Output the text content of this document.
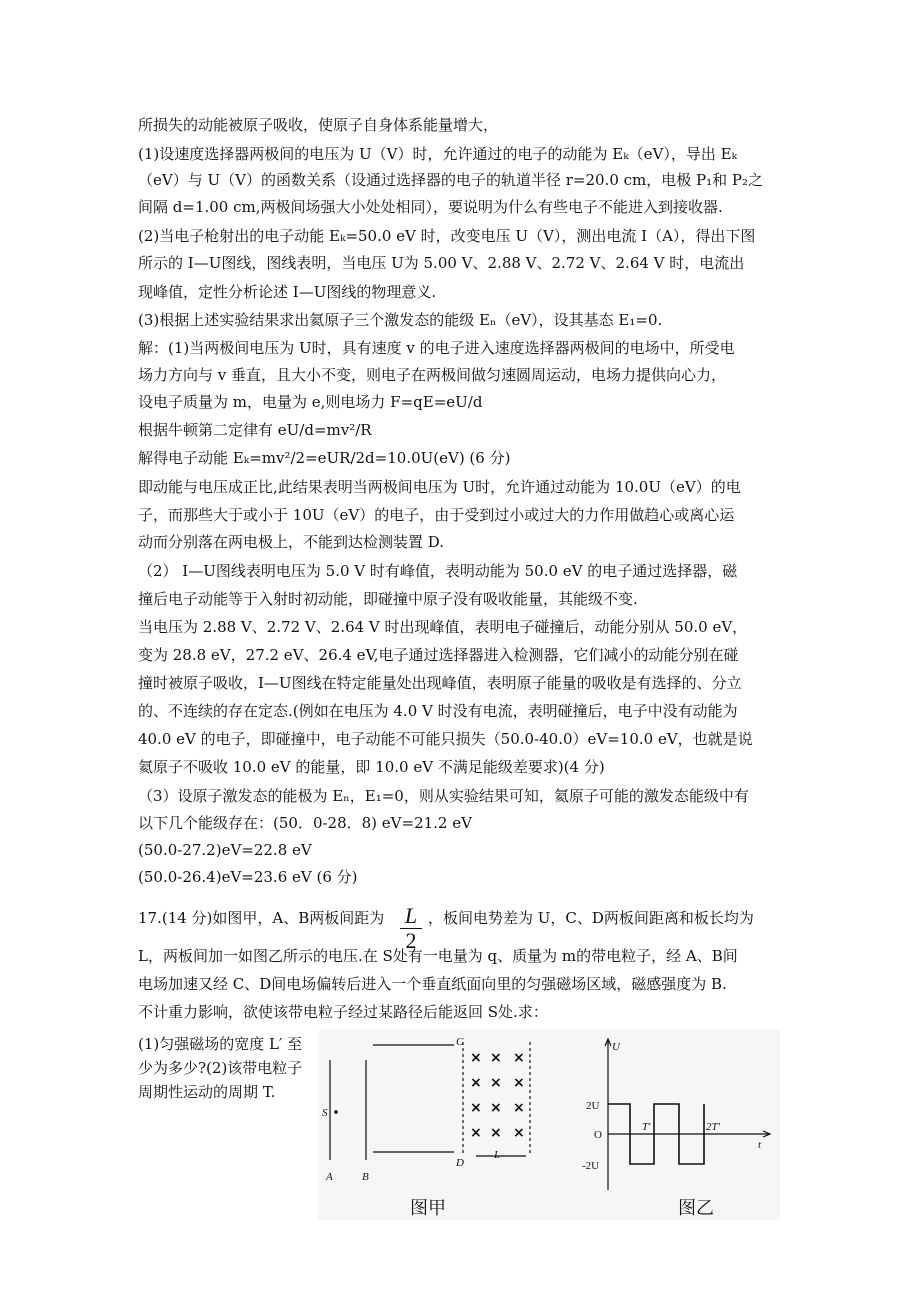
所损失的动能被原子吸收，使原子自身体系能量增大，
(1)设速度选择器两极间的电压为 U（V）时，允许通过的电子的动能为 Eₖ（eV），导出 Eₖ
（eV）与 U（V）的函数关系（设通过选择器的电子的轨道半径 r=20.0 cm，电极 P₁和 P₂之
间隔 d=1.00 cm,两极间场强大小处处相同），要说明为什么有些电子不能进入到接收器.
(2)当电子枪射出的电子动能 Eₖ=50.0 eV 时，改变电压 U（V），测出电流 I（A），得出下图
所示的 I—U图线，图线表明，当电压 U为 5.00 V、2.88 V、2.72 V、2.64 V 时，电流出
现峰值，定性分析论述 I—U图线的物理意义.
(3)根据上述实验结果求出氦原子三个激发态的能级 Eₙ（eV），设其基态 E₁=0.
解：(1)当两极间电压为 U时，具有速度 v 的电子进入速度选择器两极间的电场中，所受电
场力方向与 v 垂直，且大小不变，则电子在两极间做匀速圆周运动，电场力提供向心力，
设电子质量为 m，电量为 e,则电场力 F=qE=eU/d
根据牛顿第二定律有 eU/d=mv²/R
解得电子动能 Eₖ=mv²/2=eUR/2d=10.0U(eV) (6 分)
即动能与电压成正比,此结果表明当两极间电压为 U时，允许通过动能为 10.0U（eV）的电
子，而那些大于或小于 10U（eV）的电子，由于受到过小或过大的力作用做趋心或离心运
动而分别落在两电极上，不能到达检测装置 D.
（2） I—U图线表明电压为 5.0 V 时有峰值，表明动能为 50.0 eV 的电子通过选择器，磁
撞后电子动能等于入射时初动能，即碰撞中原子没有吸收能量，其能级不变.
当电压为 2.88 V、2.72 V、2.64 V 时出现峰值，表明电子碰撞后，动能分别从 50.0 eV，
变为 28.8 eV，27.2 eV、26.4 eV,电子通过选择器进入检测器，它们减小的动能分别在碰
撞时被原子吸收，I—U图线在特定能量处出现峰值，表明原子能量的吸收是有选择的、分立
的、不连续的存在定态.(例如在电压为 4.0 V 时没有电流，表明碰撞后，电子中没有动能为
40.0 eV 的电子，即碰撞中，电子动能不可能只损失（50.0-40.0）eV=10.0 eV，也就是说
氦原子不吸收 10.0 eV 的能量，即 10.0 eV 不满足能级差要求)(4 分)
（3）设原子激发态的能极为 Eₙ，E₁=0，则从实验结果可知，氦原子可能的激发态能级中有
以下几个能级存在：(50．0-28．8) eV=21.2 eV
(50.0-27.2)eV=22.8 eV
(50.0-26.4)eV=23.6 eV (6 分)
17.(14 分)如图甲，A、B两板间距为 $\frac{L}{2}$ ，板间电势差为 U，C、D两板间距离和板长均为
L，两板间加一如图乙所示的电压.在 S处有一电量为 q、质量为 m的带电粒子，经 A、B间
电场加速又经 C、D间电场偏转后进入一个垂直纸面向里的匀强磁场区域，磁感强度为 B.
不计重力影响，欲使该带电粒子经过某路径后能返回 S处.求：
(1)匀强磁场的宽度 L′ 至少为多少?(2)该带电粒子周期性运动的周期 T.
S
A	B
C
D
L
× × ×
× × ×
× × ×
× × ×
图甲
U
2U
O
-2U
T′	2T′
t
图乙
